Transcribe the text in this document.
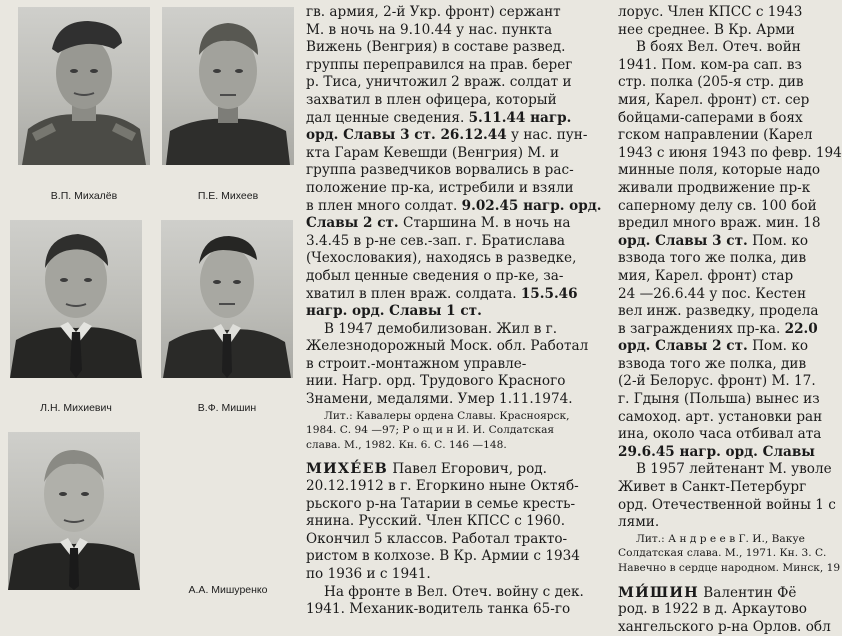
В.П. Михалёв	П.Е. Михеев
Л.Н. Михиевич	В.Ф. Мишин
А.А. Мишуренко
гв. армия, 2-й Укр. фронт) сержант
М. в ночь на 9.10.44 у нас. пункта
Вижень (Венгрия) в составе развед.
группы переправился на прав. берег
р. Тиса, уничтожил 2 враж. солдат и
захватил в плен офицера, который
дал ценные сведения. 5.11.44 нагр.
орд. Славы 3 ст. 26.12.44 у нас. пун-
кта Гарам Кевешди (Венгрия) М. и
группа разведчиков ворвались в рас-
положение пр-ка, истребили и взяли
в плен много солдат. 9.02.45 нагр. орд.
Славы 2 ст. Старшина М. в ночь на
3.4.45 в р-не сев.-зап. г. Братислава
(Чехословакия), находясь в разведке,
добыл ценные сведения о пр-ке, за-
хватил в плен враж. солдата. 15.5.46
нагр. орд. Славы 1 ст.
В 1947 демобилизован. Жил в г.
Железнодорожный Моск. обл. Работал
в строит.-монтажном управле-
нии. Нагр. орд. Трудового Красного
Знамени, медалями. Умер 1.11.1974.
Лит.: Кавалеры ордена Славы. Красноярск,
1984. С. 94 —97; Р о щ и н И. И. Солдатская
слава. М., 1982. Кн. 6. С. 146 —148.
МИХЕ́ЕВ Павел Егорович, род.
20.12.1912 в г. Егоркино ныне Октяб-
рьского р-на Татарии в семье кресть-
янина. Русский. Член КПСС с 1960.
Окончил 5 классов. Работал тракто-
ристом в колхозе. В Кр. Армии с 1934
по 1936 и с 1941.
На фронте в Вел. Отеч. войну с дек.
1941. Механик-водитель танка 65-го
лорус. Член КПСС с 1943
нее среднее. В Кр. Арми
В боях Вел. Отеч. войн
1941. Пом. ком-ра сап. вз
стр. полка (205-я стр. див
мия, Карел. фронт) ст. сер
бойцами-саперами в боях
гском направлении (Карел
1943 с июня 1943 по февр. 194
минные поля, которые надо
живали продвижение пр-к
саперному делу св. 100 бой
вредил много враж. мин. 18
орд. Славы 3 ст. Пом. ко
взвода того же полка, див
мия, Карел. фронт) стар
24 —26.6.44 у пос. Кестен
вел инж. разведку, продела
в заграждениях пр-ка. 22.0
орд. Славы 2 ст. Пом. ко
взвода того же полка, див
(2-й Белорус. фронт) М. 17.
г. Гдыня (Польша) вынес из
самоход. арт. установки ран
ина, около часа отбивал ата
29.6.45 нагр. орд. Славы
В 1957 лейтенант М. уволе
Живет в Санкт-Петербург
орд. Отечественной войны 1 с
лями.
Лит.: А н д р е е в Г. И., Вакуе
Солдатская слава. М., 1971. Кн. 3. С.
Навечно в сердце народном. Минск, 19
МИ́ШИН Валентин Фё
род. в 1922 в д. Аркаутово
хангельского р-на Орлов. обл
